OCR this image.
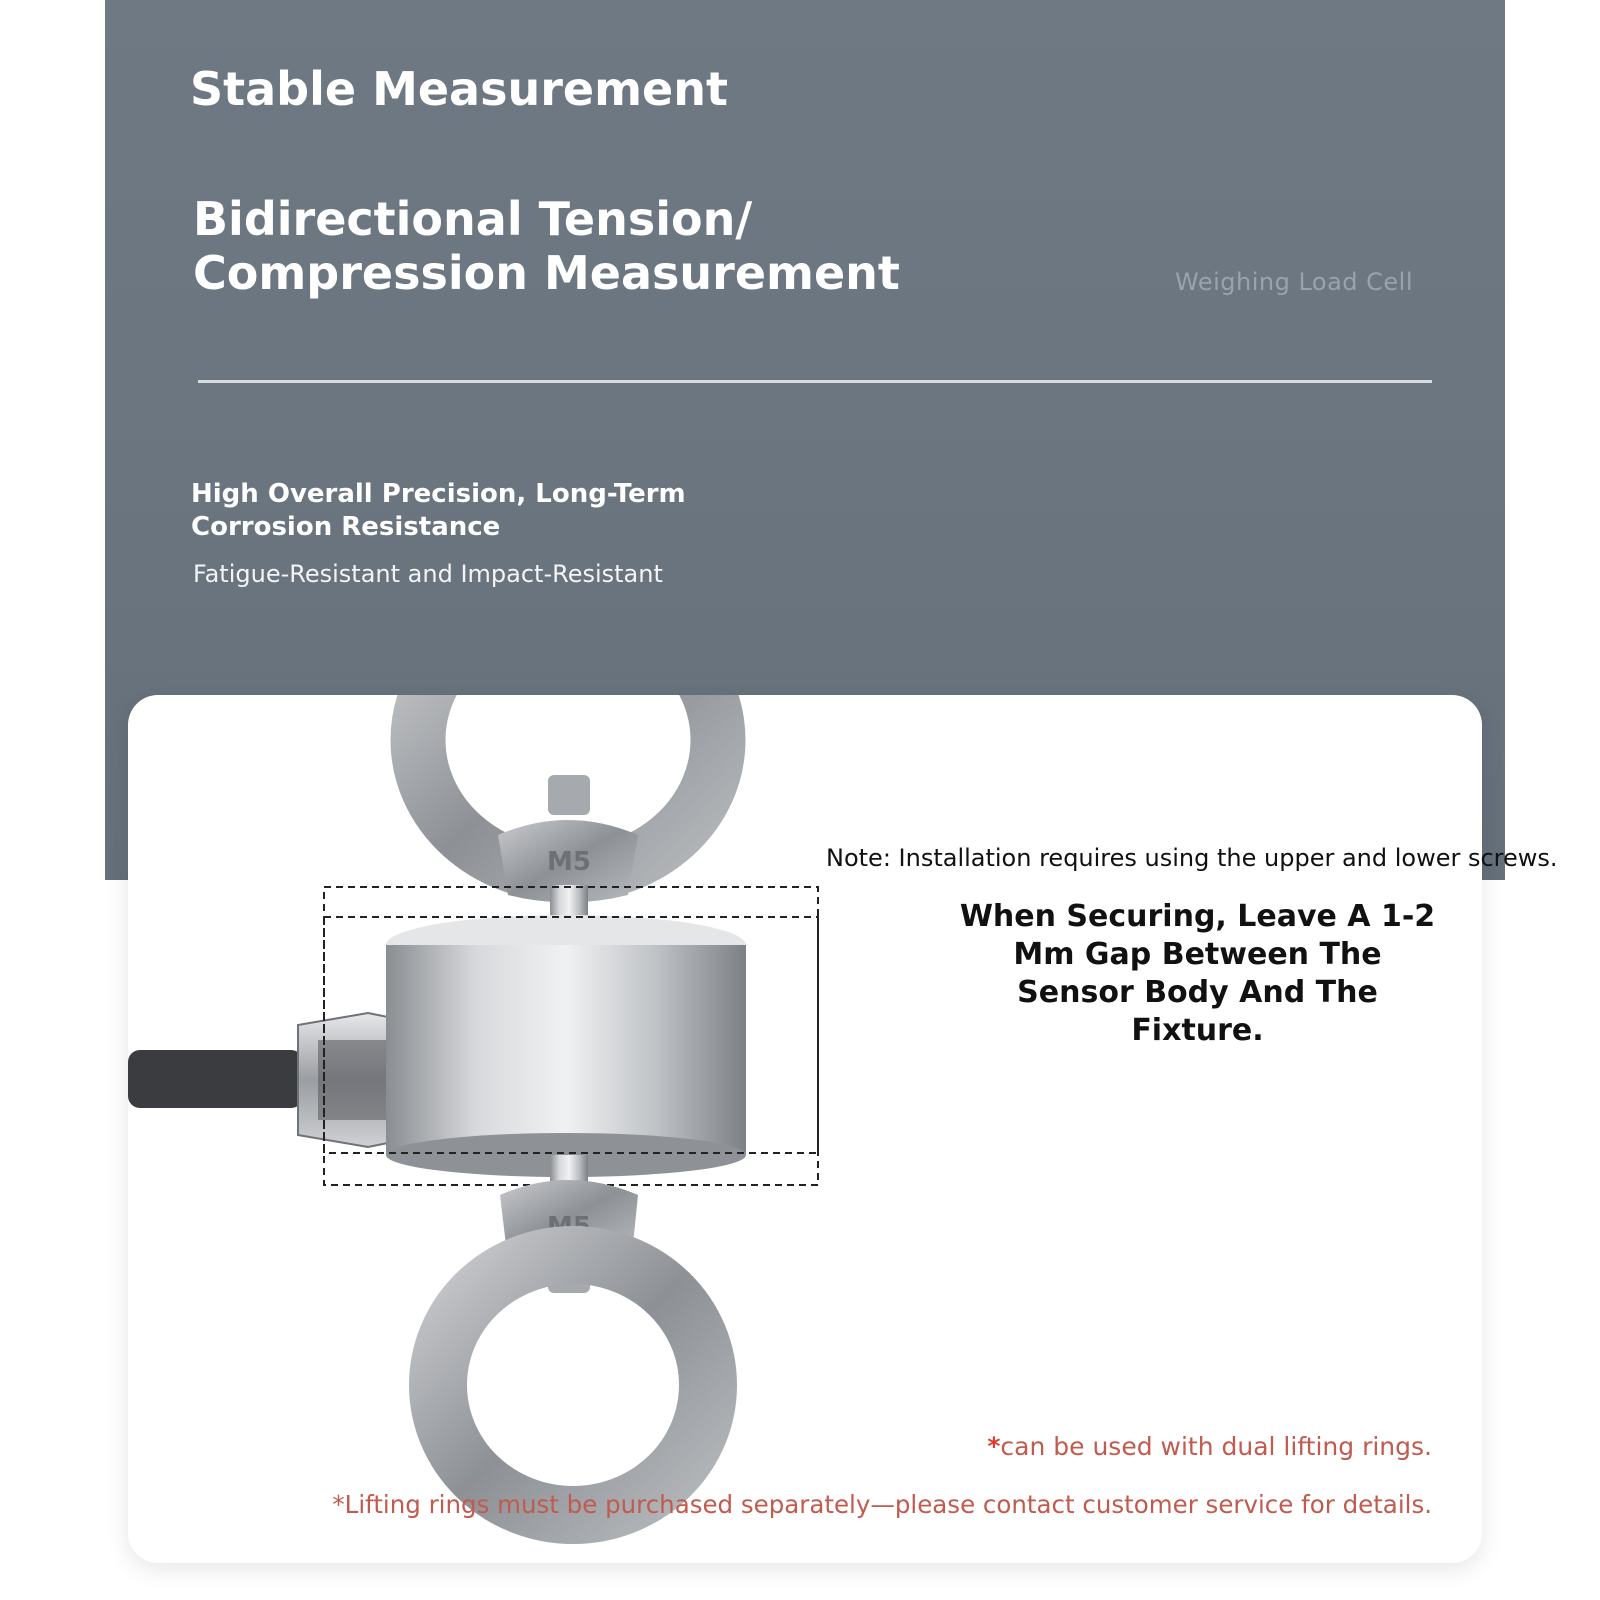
Stable Measurement
Bidirectional Tension/ Compression Measurement	Weighing Load Cell

High Overall Precision, Long-Term Corrosion Resistance

Fatigue-Resistant and Impact-Resistant

M5
M5
Note: Installation requires using the upper and lower screws.

When Securing, Leave A 1-2 Mm Gap Between The Sensor Body And The Fixture.

*can be used with dual lifting rings.
*Lifting rings must be purchased separately—please contact customer service for details.
